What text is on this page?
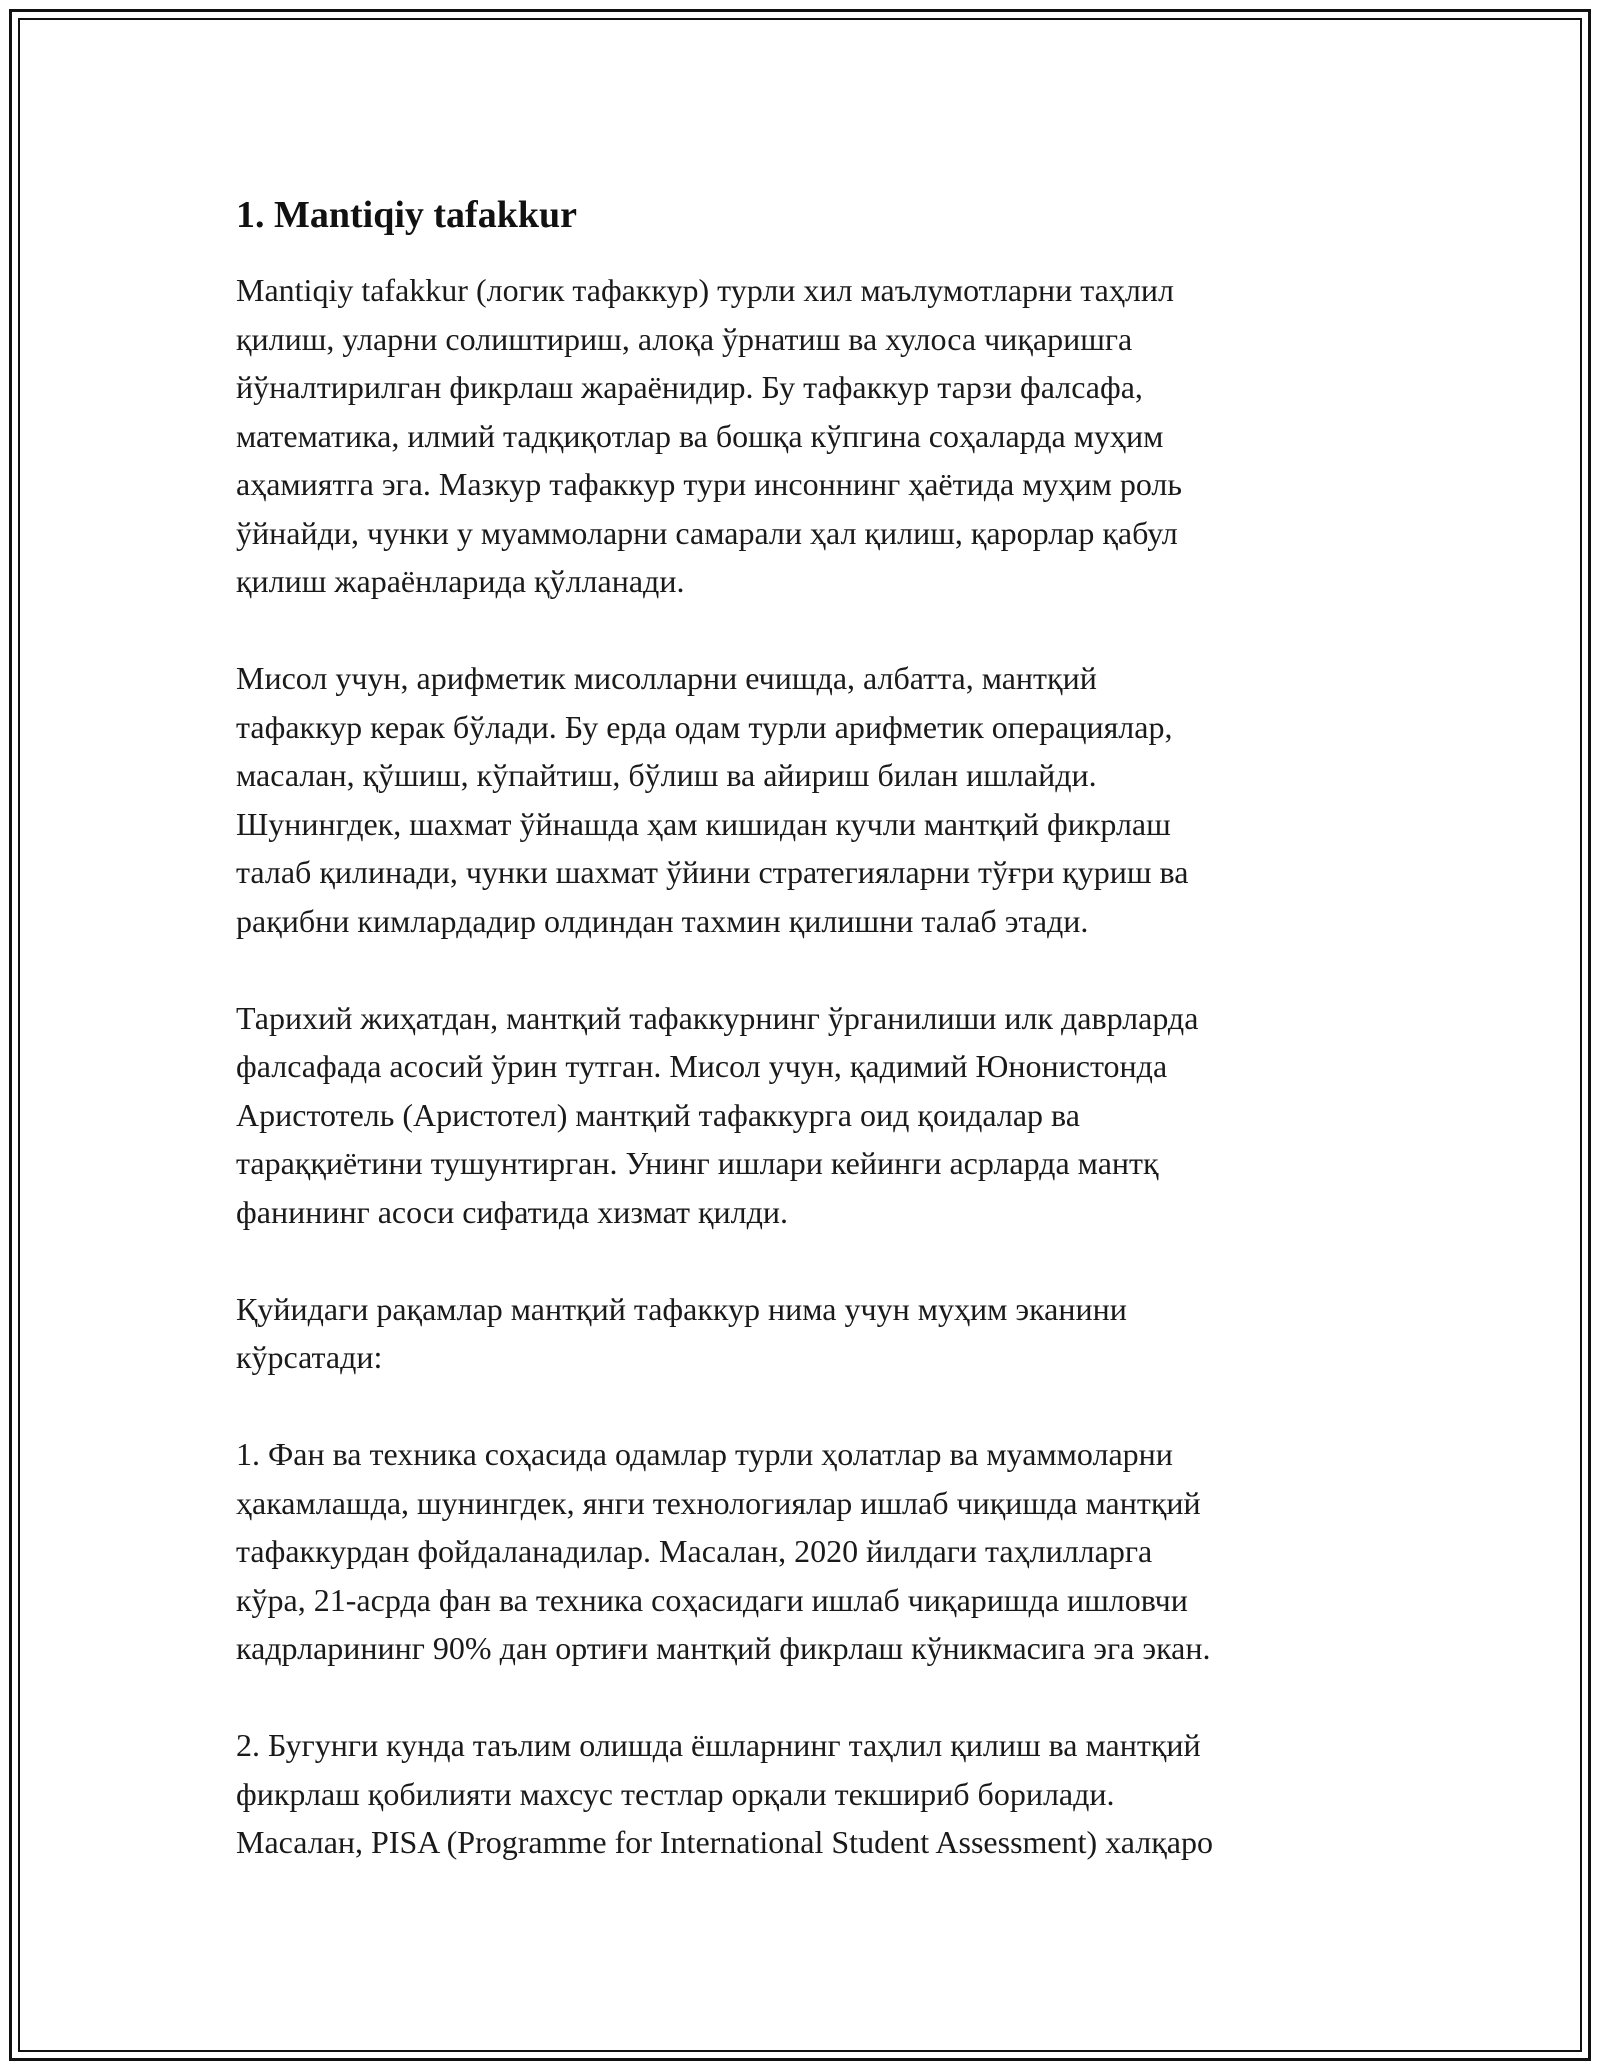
1. Mantiqiy tafakkur

Mantiqiy tafakkur (логик тафаккур) турли хил маълумотларни таҳлил
қилиш, уларни солиштириш, алоқа ўрнатиш ва хулоса чиқаришга
йўналтирилган фикрлаш жараёнидир. Бу тафаккур тарзи фалсафа,
математика, илмий тадқиқотлар ва бошқа кўпгина соҳаларда муҳим
аҳамиятга эга. Мазкур тафаккур тури инсоннинг ҳаётида муҳим роль
ўйнайди, чунки у муаммоларни самарали ҳал қилиш, қарорлар қабул
қилиш жараёнларида қўлланади.

Мисол учун, арифметик мисолларни ечишда, албатта, мантқий
тафаккур керак бўлади. Бу ерда одам турли арифметик операциялар,
масалан, қўшиш, кўпайтиш, бўлиш ва айириш билан ишлайди.
Шунингдек, шахмат ўйнашда ҳам кишидан кучли мантқий фикрлаш
талаб қилинади, чунки шахмат ўйини стратегияларни тўғри қуриш ва
рақибни кимлардадир олдиндан тахмин қилишни талаб этади.

Тарихий жиҳатдан, мантқий тафаккурнинг ўрганилиши илк даврларда
фалсафада асосий ўрин тутган. Мисол учун, қадимий Юнонистонда
Аристотель (Аристотел) мантқий тафаккурга оид қоидалар ва
тараққиётини тушунтирган. Унинг ишлари кейинги асрларда мантқ
фанининг асоси сифатида хизмат қилди.

Қуйидаги рақамлар мантқий тафаккур нима учун муҳим эканини
кўрсатади:

1. Фан ва техника соҳасида одамлар турли ҳолатлар ва муаммоларни
ҳакамлашда, шунингдек, янги технологиялар ишлаб чиқишда мантқий
тафаккурдан фойдаланадилар. Масалан, 2020 йилдаги таҳлилларга
кўра, 21-асрда фан ва техника соҳасидаги ишлаб чиқаришда ишловчи
кадрларининг 90% дан ортиғи мантқий фикрлаш кўникмасига эга экан.

2. Бугунги кунда таълим олишда ёшларнинг таҳлил қилиш ва мантқий
фикрлаш қобилияти махсус тестлар орқали текшириб борилади.
Масалан, PISA (Programme for International Student Assessment) халқаро
